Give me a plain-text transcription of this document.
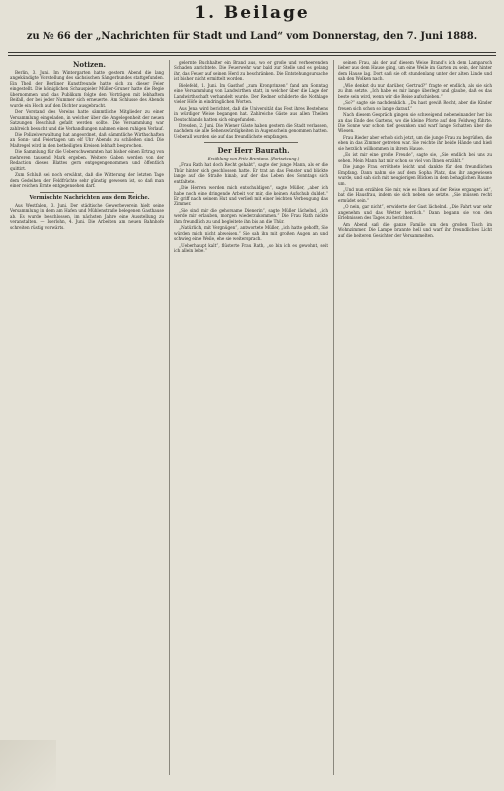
1. Beilage
zu № 66 der „Nachrichten für Stadt und Land“ vom Donnerstag, den 7. Juni 1888.

Notizen.

Berlin, 3. Juni. Im Wintergarten hatte gestern Abend die lang angekündigte Vorstellung des sächsischen Sängerbundes stattgefunden. Ein Theil der Berliner Kunstfreunde hatte sich zu dieser Feier eingestellt. Die königlichen Schauspieler Müller-Gruner hatte die Regie übernommen und das Publikum folgte den Vorträgen mit lebhaftem Beifall, der bei jeder Nummer sich erneuerte. Am Schlusse des Abends wurde ein Hoch auf den Dichter ausgebracht.

Der Vorstand des Vereins hatte sämmtliche Mitglieder zu einer Versammlung eingeladen, in welcher über die Angelegenheit der neuen Satzungen Beschluß gefaßt werden sollte. Die Versammlung war zahlreich besucht und die Verhandlungen nahmen einen ruhigen Verlauf.

Die Polizeiverwaltung hat angeordnet, daß sämmtliche Wirthschaften an Sonn- und Feiertagen um elf Uhr Abends zu schließen sind. Die Maßregel wird in den betheiligten Kreisen lebhaft besprochen.

Die Sammlung für die Ueberschwemmten hat bisher einen Ertrag von mehreren tausend Mark ergeben. Weitere Gaben werden von der Redaction dieses Blattes gern entgegengenommen und öffentlich quittirt.

Zum Schluß sei noch erwähnt, daß die Witterung der letzten Tage dem Gedeihen der Feldfrüchte sehr günstig gewesen ist, so daß man einer reichen Ernte entgegensehen darf.

Vermischte Nachrichten aus dem Reiche.

Aus Westfalen, 3. Juni. Der städtische Gewerbeverein hielt seine Versammlung in dem am Hafen und Mühlenstraße belegenen Gasthause ab. Es wurde beschlossen, im nächsten Jahre eine Ausstellung zu veranstalten. — Iserlohn, 4. Juni. Die Arbeiten am neuen Bahnhofe schreiten rüstig vorwärts.

gelernte Buchhalter ein Brand aus, wo er große und verheerenden Schaden anrichtete. Die Feuerwehr war bald zur Stelle und es gelang ihr, das Feuer auf seinen Herd zu beschränken. Die Entstehungsursache ist bisher nicht ermittelt worden.

Bielefeld, 1. Juni. Im Gasthof „zum Kronprinzen“ fand am Sonntag eine Versammlung von Landwirthen statt, in welcher über die Lage der Landwirthschaft verhandelt wurde. Der Redner schilderte die Nothlage vieler Höfe in eindringlichen Worten.

Aus Jena wird berichtet, daß die Universität das Fest ihres Bestehens in würdiger Weise begangen hat. Zahlreiche Gäste aus allen Theilen Deutschlands hatten sich eingefunden.

Dresden, 2. Juni. Die Wiener Gäste haben gestern die Stadt verlassen, nachdem sie alle Sehenswürdigkeiten in Augenschein genommen hatten. Ueberall wurden sie auf das freundlichste empfangen.

Der Herr Baurath.

Erzählung von Fritz Brentano. (Fortsetzung.)

„Frau Rath hat doch Recht gehabt“, sagte der junge Mann, als er die Thür hinter sich geschlossen hatte. Er trat an das Fenster und blickte lange auf die Straße hinab, auf der das Leben des Sonntags sich entfaltete.

„Die Herren werden mich entschuldigen“, sagte Müller, „aber ich habe noch eine dringende Arbeit vor mir, die keinen Aufschub duldet.“ Er griff nach seinem Hut und verließ mit einer leichten Verbeugung das Zimmer.

„Sie sind mir die gehorsame Dienerin“, sagte Müller lächelnd, „ich werde mir erlauben, morgen wiederzukommen.“ Die Frau Rath nickte ihm freundlich zu und begleitete ihn bis an die Thür.

„Natürlich, mit Vergnügen“, antwortete Müller, „ich hatte gehofft, Sie würden mich nicht abweisen.“ Sie sah ihn mit großen Augen an und schwieg eine Weile, ehe sie weitersprach.

„Ueberhaupt kalt“, flüsterte Frau Rath, „so bin ich es gewohnt, seit ich allein lebe.“

seinen Frau, als der auf diesem Weise Brand's ich dem Lamparsch lieber aus dem Hause ging, um eine Weile im Garten zu sein, der hinter dem Hause lag. Dort saß sie oft stundenlang unter der alten Linde und sah den Wolken nach.

„Wie denkst du nur darüber, Gertrud?“ fragte er endlich, als sie sich zu ihm setzte. „Ich habe es mir lange überlegt und glaube, daß es das beste sein wird, wenn wir die Reise aufschieben.“

„So?“ sagte sie nachdenklich. „Du hast gewiß Recht, aber die Kinder freuen sich schon so lange darauf.“

Nach diesem Gespräch gingen sie schweigend nebeneinander her bis an das Ende des Gartens, wo die kleine Pforte auf den Feldweg führte. Die Sonne war schon tief gesunken und warf lange Schatten über die Wiesen.

Frau Rieder aber erhob sich jetzt, um die junge Frau zu begrüßen, die eben in das Zimmer getreten war. Sie reichte ihr beide Hände und hieß sie herzlich willkommen in ihrem Hause.

„Es ist mir eine große Freude“, sagte sie, „Sie endlich bei uns zu sehen. Mein Mann hat mir schon so viel von Ihnen erzählt.“

Die junge Frau erröthete leicht und dankte für den freundlichen Empfang. Dann nahm sie auf dem Sopha Platz, das ihr angewiesen wurde, und sah sich mit neugierigen Blicken in dem behaglichen Raume um.

„Und nun erzählen Sie mir, wie es Ihnen auf der Reise ergangen ist“, bat die Hausfrau, indem sie sich neben sie setzte. „Sie müssen recht ermüdet sein.“

„O nein, gar nicht“, erwiderte der Gast lächelnd. „Die Fahrt war sehr angenehm und das Wetter herrlich.“ Dann begann sie von den Erlebnissen des Tages zu berichten.

Am Abend saß die ganze Familie um den großen Tisch im Wohnzimmer. Die Lampe brannte hell und warf ihr freundliches Licht auf die heiteren Gesichter der Versammelten.
